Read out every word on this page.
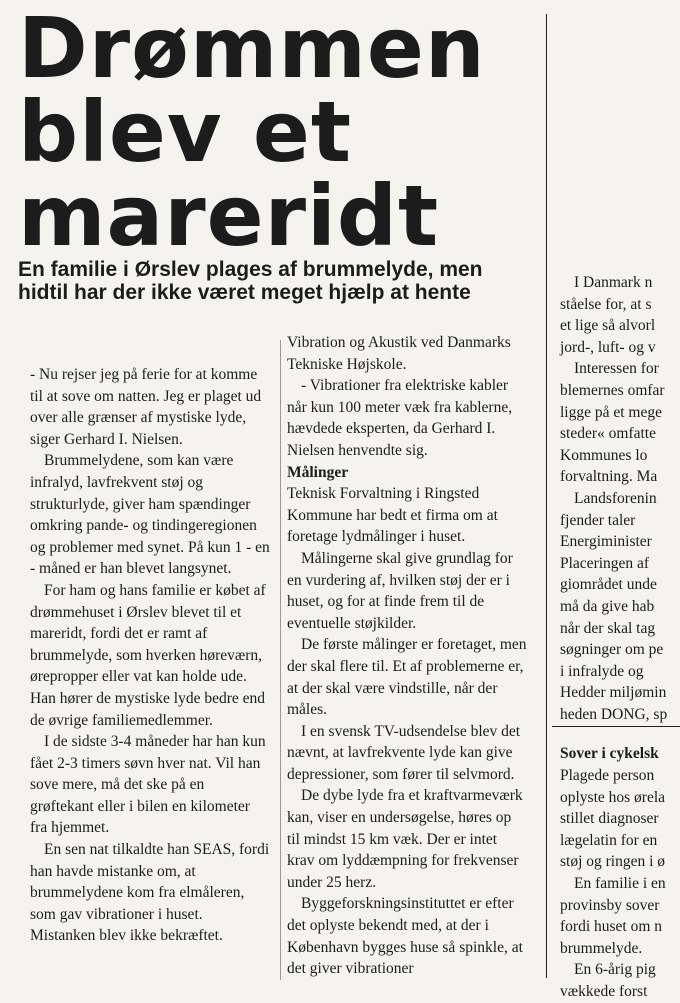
Drømmen
blev et
mareridt
En familie i Ørslev plages af brummelyde, men hidtil har der ikke været meget hjælp at hente

- Nu rejser jeg på ferie for at komme til at sove om natten. Jeg er plaget ud over alle grænser af mystiske lyde, siger Gerhard I. Nielsen.

Brummelydene, som kan være infralyd, lavfrekvent støj og strukturlyde, giver ham spændinger omkring pande- og tindingeregionen og problemer med synet. På kun 1 - en - måned er han blevet langsynet.

For ham og hans familie er købet af drømmehuset i Ørslev blevet til et mareridt, fordi det er ramt af brummelyde, som hverken høreværn, ørepropper eller vat kan holde ude. Han hører de mystiske lyde bedre end de øvrige familiemedlemmer.

I de sidste 3-4 måneder har han kun fået 2-3 timers søvn hver nat. Vil han sove mere, må det ske på en grøftekant eller i bilen en kilometer fra hjemmet.

En sen nat tilkaldte han SEAS, fordi han havde mistanke om, at brummelydene kom fra elmåleren, som gav vibrationer i huset. Mistanken blev ikke bekræftet.

Vibration og Akustik ved Danmarks Tekniske Højskole.

- Vibrationer fra elektriske kabler når kun 100 meter væk fra kablerne, hævdede eksperten, da Gerhard I. Nielsen henvendte sig.

Målinger

Teknisk Forvaltning i Ringsted Kommune har bedt et firma om at foretage lydmålinger i huset.

Målingerne skal give grundlag for en vurdering af, hvilken støj der er i huset, og for at finde frem til de eventuelle støjkilder.

De første målinger er foretaget, men der skal flere til. Et af problemerne er, at der skal være vindstille, når der måles.

I en svensk TV-udsendelse blev det nævnt, at lavfrekvente lyde kan give depressioner, som fører til selvmord.

De dybe lyde fra et kraftvarmeværk kan, viser en undersøgelse, høres op til mindst 15 km væk. Der er intet krav om lyddæmpning for frekvenser under 25 herz.

Byggeforskningsinstituttet er efter det oplyste bekendt med, at der i København bygges huse så spinkle, at det giver vibrationer

I Danmark n
ståelse for, at s
et lige så alvorl
jord-, luft- og v
Interessen for
blemernes omfar
ligge på et mege
steder« omfatte
Kommunes lo
forvaltning. Ma
Landsforenin
fjender taler
Energiminister
Placeringen af
giområdet unde
må da give hab
når der skal tag
søgninger om pe
i infralyde og
Hedder miljømin
heden DONG, sp
Sover i cykelsk
Plagede person
oplyste hos ørela
stillet diagnoser
lægelatin for en
støj og ringen i ø
En familie i en
provinsby sover
fordi huset om n
brummelyde.
En 6-årig pig
vækkede forst
